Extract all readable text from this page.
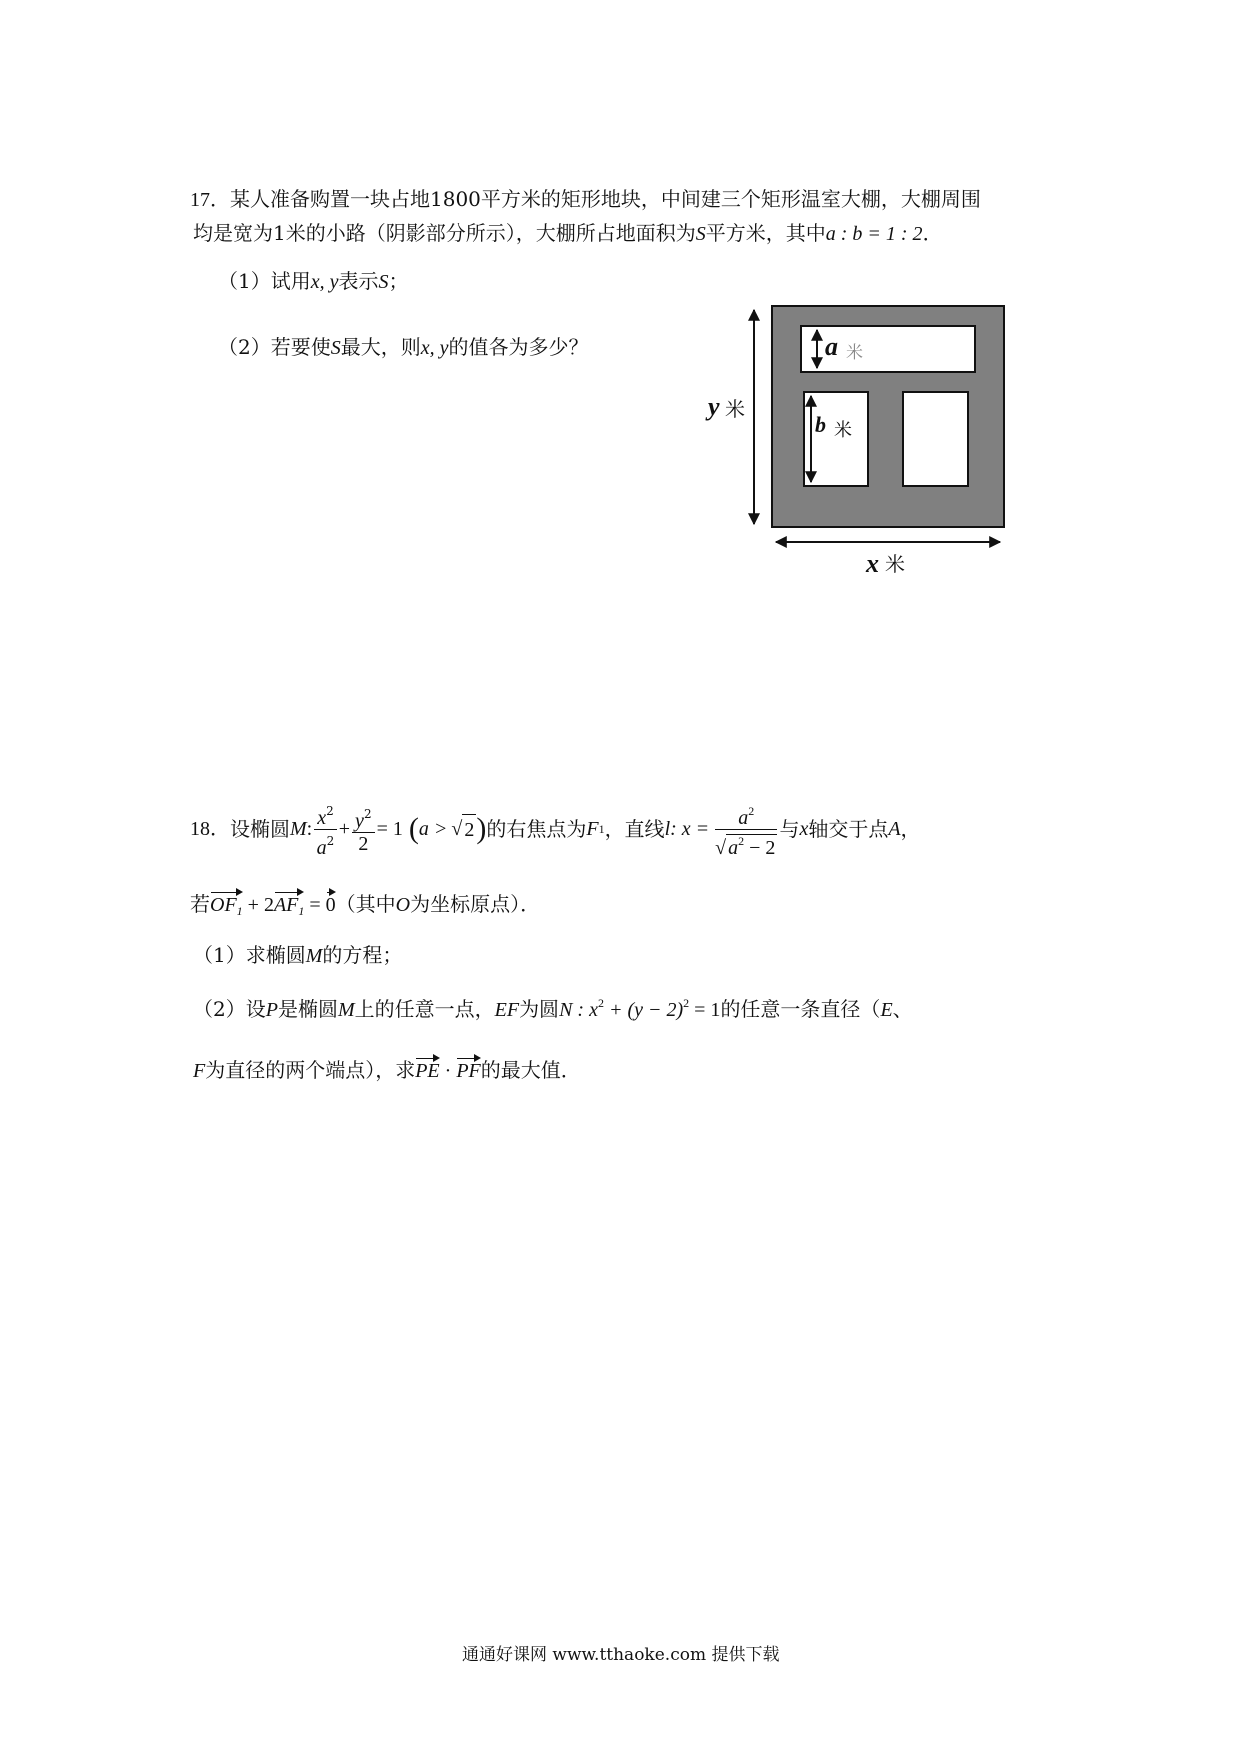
17．某人准备购置一块占地1800平方米的矩形地块，中间建三个矩形温室大棚，大棚周围
均是宽为1米的小路（阴影部分所示），大棚所占地面积为S平方米，其中a : b = 1 : 2．
（1）试用x, y表示S；
（2）若要使S最大，则x, y的值各为多少？	a 米
b 米
y 米
x 米
18． 设椭圆 M : $\frac{x^2}{a^2} + \frac{y^2}{2} = 1$ ( a > √ 2 ) 的右焦点为 F 1 ，直线 l : $x = \frac{a^2}{√ a^2 - 2}$ 与 x 轴交于点 A ，
若$OF_1 + 2AF_1 = 0$（其中O为坐标原点）．
（1）求椭圆M的方程；
（2）设P是椭圆M上的任意一点，EF为圆N : $x^2 + (y - 2)^2 = 1$的任意一条直径（E、
F为直径的两个端点），求PE · PF的最大值．
通通好课网 www.tthaoke.com 提供下载
